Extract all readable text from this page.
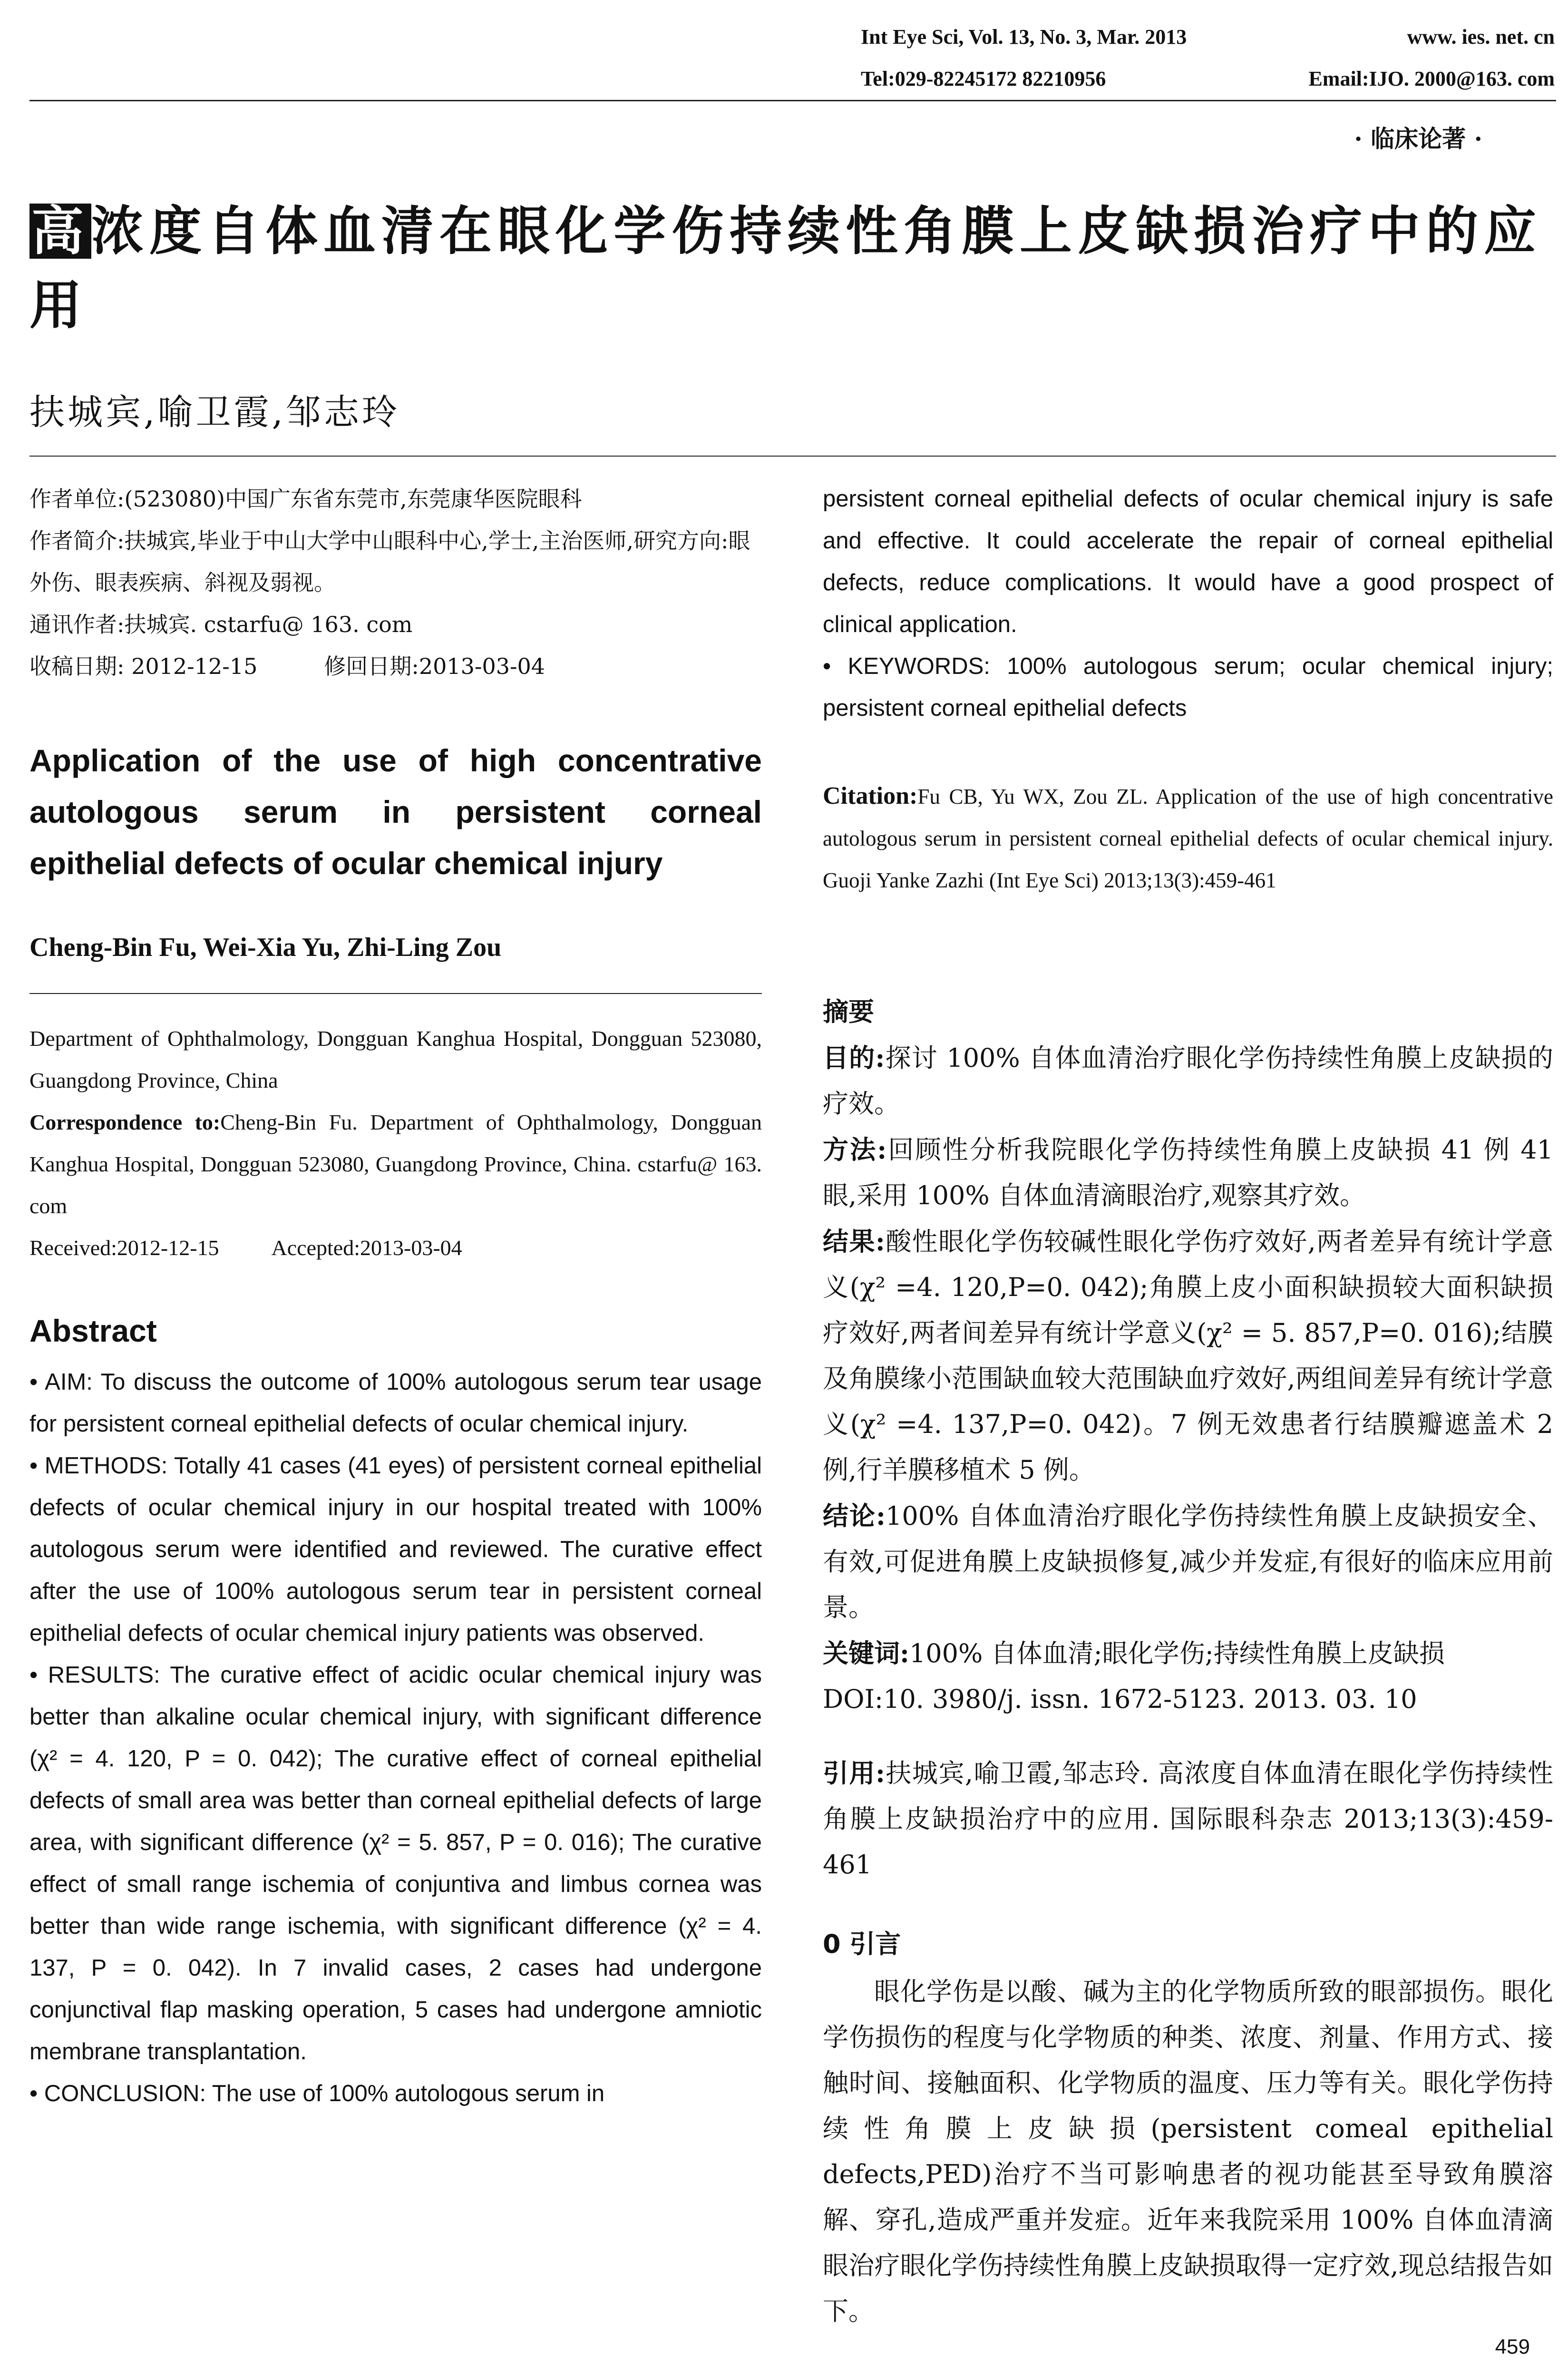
Int Eye Sci, Vol. 13, No. 3, Mar. 2013	www. ies. net. cn
Tel:029-82245172 82210956	Email:IJO. 2000@163. com
· 临床论著 ·
高浓度自体血清在眼化学伤持续性角膜上皮缺损治疗中的应用
扶城宾,喻卫霞,邹志玲
作者单位:(523080)中国广东省东莞市,东莞康华医院眼科
作者简介:扶城宾,毕业于中山大学中山眼科中心,学士,主治医师,研究方向:眼外伤、眼表疾病、斜视及弱视。
通讯作者:扶城宾. cstarfu@ 163. com
收稿日期: 2012-12-15	修回日期:2013-03-04
Application of the use of high concentrative autologous serum in persistent corneal epithelial defects of ocular chemical injury
Cheng-Bin Fu, Wei-Xia Yu, Zhi-Ling Zou
Department of Ophthalmology, Dongguan Kanghua Hospital, Dongguan 523080, Guangdong Province, China
Correspondence to:Cheng-Bin Fu. Department of Ophthalmology, Dongguan Kanghua Hospital, Dongguan 523080, Guangdong Province, China. cstarfu@ 163. com
Received:2012-12-15 Accepted:2013-03-04
Abstract

• AIM: To discuss the outcome of 100% autologous serum tear usage for persistent corneal epithelial defects of ocular chemical injury.

• METHODS: Totally 41 cases (41 eyes) of persistent corneal epithelial defects of ocular chemical injury in our hospital treated with 100% autologous serum were identified and reviewed. The curative effect after the use of 100% autologous serum tear in persistent corneal epithelial defects of ocular chemical injury patients was observed.

• RESULTS: The curative effect of acidic ocular chemical injury was better than alkaline ocular chemical injury, with significant difference (χ² = 4. 120, P = 0. 042); The curative effect of corneal epithelial defects of small area was better than corneal epithelial defects of large area, with significant difference (χ² = 5. 857, P = 0. 016); The curative effect of small range ischemia of conjuntiva and limbus cornea was better than wide range ischemia, with significant difference (χ² = 4. 137, P = 0. 042). In 7 invalid cases, 2 cases had undergone conjunctival flap masking operation, 5 cases had undergone amniotic membrane transplantation.

• CONCLUSION: The use of 100% autologous serum in

persistent corneal epithelial defects of ocular chemical injury is safe and effective. It could accelerate the repair of corneal epithelial defects, reduce complications. It would have a good prospect of clinical application.

• KEYWORDS: 100% autologous serum; ocular chemical injury; persistent corneal epithelial defects

Citation:Fu CB, Yu WX, Zou ZL. Application of the use of high concentrative autologous serum in persistent corneal epithelial defects of ocular chemical injury. Guoji Yanke Zazhi (Int Eye Sci) 2013;13(3):459-461
摘要

目的:探讨 100% 自体血清治疗眼化学伤持续性角膜上皮缺损的疗效。

方法:回顾性分析我院眼化学伤持续性角膜上皮缺损 41 例 41 眼,采用 100% 自体血清滴眼治疗,观察其疗效。

结果:酸性眼化学伤较碱性眼化学伤疗效好,两者差异有统计学意义(χ² =4. 120,P=0. 042);角膜上皮小面积缺损较大面积缺损疗效好,两者间差异有统计学意义(χ² = 5. 857,P=0. 016);结膜及角膜缘小范围缺血较大范围缺血疗效好,两组间差异有统计学意义(χ² =4. 137,P=0. 042)。7 例无效患者行结膜瓣遮盖术 2 例,行羊膜移植术 5 例。

结论:100% 自体血清治疗眼化学伤持续性角膜上皮缺损安全、有效,可促进角膜上皮缺损修复,减少并发症,有很好的临床应用前景。

关键词:100% 自体血清;眼化学伤;持续性角膜上皮缺损

DOI:10. 3980/j. issn. 1672-5123. 2013. 03. 10

引用:扶城宾,喻卫霞,邹志玲. 高浓度自体血清在眼化学伤持续性角膜上皮缺损治疗中的应用. 国际眼科杂志 2013;13(3):459-461
0 引言
眼化学伤是以酸、碱为主的化学物质所致的眼部损伤。眼化学伤损伤的程度与化学物质的种类、浓度、剂量、作用方式、接触时间、接触面积、化学物质的温度、压力等有关。眼化学伤持续性角膜上皮缺损(persistent comeal epithelial defects,PED)治疗不当可影响患者的视功能甚至导致角膜溶解、穿孔,造成严重并发症。近年来我院采用 100% 自体血清滴眼治疗眼化学伤持续性角膜上皮缺损取得一定疗效,现总结报告如下。
459
